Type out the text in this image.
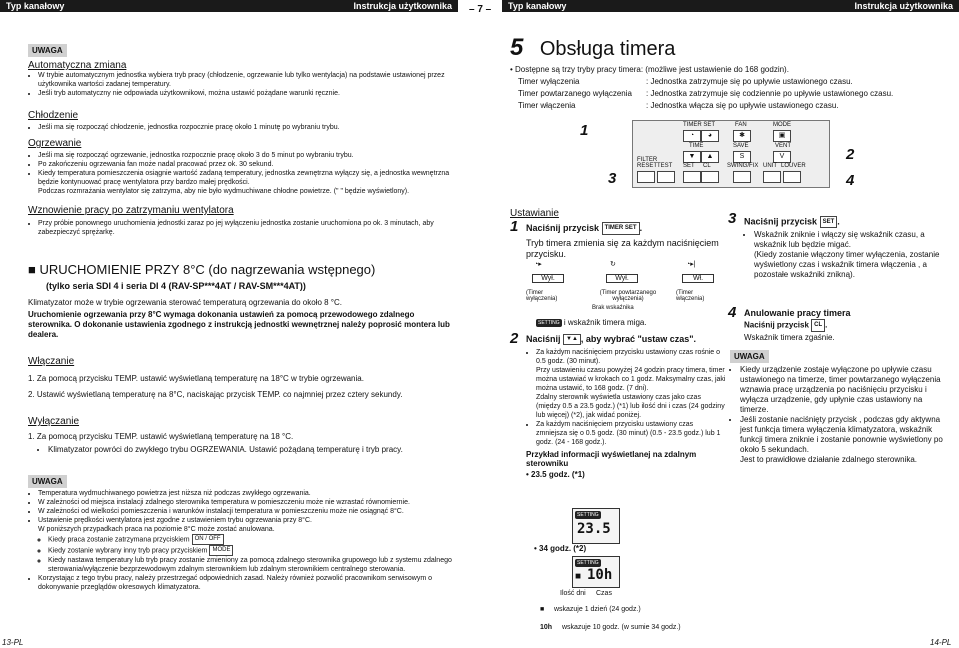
Typ kanałowy	Instrukcja użytkownika – 7 –	Typ kanałowy	Instrukcja użytkownika
UWAGA
Automatyczna zmiana
• W trybie automatycznym jednostka wybiera tryb pracy (chłodzenie, ogrzewanie lub tylko wentylacja) na podstawie ustawionej przez użytkownika wartości zadanej temperatury.
• Jeśli tryb automatyczny nie odpowiada użytkownikowi, można ustawić pożądane warunki ręcznie.
Chłodzenie
• Jeśli ma się rozpocząć chłodzenie, jednostka rozpocznie pracę około 1 minutę po wybraniu trybu.
Ogrzewanie
• Jeśli ma się rozpocząć ogrzewanie, jednostka rozpocznie pracę około 3 do 5 minut po wybraniu trybu.
• Po zakończeniu ogrzewania fan może nadal pracować przez ok. 30 sekund.
• Kiedy temperatura pomieszczenia osiągnie wartość zadaną temperatury, jednostka zewnętrzna wyłączy się, a jednostka wewnętrzna będzie kontynuować pracę wentylatora przy bardzo małej prędkości.
Podczas rozmrażania wentylator się zatrzyma, aby nie było wydmuchiwane chłodne powietrze. (" " będzie wyświetlony).
Wznowienie pracy po zatrzymaniu wentylatora
• Przy próbie ponownego uruchomienia jednostki zaraz po jej wyłączeniu jednostka zostanie uruchomiona po ok. 3 minutach, aby zabezpieczyć sprężarkę.
■ URUCHOMIENIE PRZY 8°C (do nagrzewania wstępnego)
(tylko seria SDI 4 i seria DI 4 (RAV-SP***4AT / RAV-SM***4AT))
Klimatyzator może w trybie ogrzewania sterować temperaturą ogrzewania do około 8 °C.
Uruchomienie ogrzewania przy 8°C wymaga dokonania ustawień za pomocą przewodowego zdalnego sterownika. O dokonanie ustawienia zgodnego z instrukcją jednostki wewnętrznej należy poprosić montera lub dealera.
Włączanie
1. Za pomocą przycisku TEMP. ustawić wyświetlaną temperaturę na 18°C w trybie ogrzewania.
2. Ustawić wyświetlaną temperaturę na 8°C, naciskając przycisk TEMP. co najmniej przez cztery sekundy.
Wyłączanie
1. Za pomocą przycisku TEMP. ustawić wyświetlaną temperaturę na 18 °C.
• Klimatyzator powróci do zwykłego trybu OGRZEWANIA. Ustawić pożądaną temperaturę i tryb pracy.
UWAGA
• Temperatura wydmuchiwanego powietrza jest niższa niż podczas zwykłego ogrzewania.
• W zależności od miejsca instalacji zdalnego sterownika temperatura w pomieszczeniu może nie wzrastać równomiernie.
• W zależności od wielkości pomieszczenia i warunków instalacji temperatura w pomieszczeniu może nie osiągnąć 8°C.
• Ustawienie prędkości wentylatora jest zgodne z ustawieniem trybu ogrzewania przy 8°C.
W poniższych przypadkach praca na poziomie 8°C może zostać anulowana.
◦ Kiedy praca zostanie zatrzymana przyciskiem ON / OFF
◦ Kiedy zostanie wybrany inny tryb pracy przyciskiem MODE
◦ Kiedy nastawa temperatury lub tryb pracy zostanie zmieniony za pomocą zdalnego sterownika grupowego lub z systemu zdalnego sterowania/wyłączenie bezprzewodowym zdalnym sterownikiem lub zdalnym sterownikiem centralnego sterowania.
• Korzystając z tego trybu pracy, należy przestrzegać odpowiednich zasad. Należy również pozwolić pracownikom serwisowym o dokonywanie przeglądów okresowych klimatyzatora.
13-PL
5 Obsługa timera
• Dostępne są trzy tryby pracy timera: (możliwe jest ustawienie do 168 godzin).
Timer wyłączenia	: Jednostka zatrzymuje się po upływie ustawionego czasu.
Timer powtarzanego wyłączenia : Jednostka zatrzymuje się codziennie po upływie ustawionego czasu.
Timer włączenia	: Jednostka włącza się po upływie ustawionego czasu.
1
3
2
4
TIMER SET	FAN	MODE
◔	◕	✱	▣
TIME	SAVE	VENT
▼	▲	S	V
FILTER
RESET TEST SET CL	SWING/FIX UNIT LOUVER
Ustawianie
1 Naciśnij przycisk TIMER SET .
Tryb timera zmienia się za każdym naciśnięciem przycisku.
◔▸	↻	◔▸|
Wył.	Wył.	Wł.
(Timer
wyłączenia)
(Timer powtarzanego
wyłączenia)
(Timer
włączenia)
Brak wskaźnika
SETTING i wskaźnik timera miga.
2 Naciśnij ▼▲ , aby wybrać "ustaw czas".
• Za każdym naciśnięciem przycisku ustawiony czas rośnie o 0.5 godz. (30 minut).
Przy ustawieniu czasu powyżej 24 godzin pracy timera, timer można ustawiać w krokach co 1 godz. Maksymalny czas, jaki można ustawić, to 168 godz. (7 dni).
Zdalny sterownik wyświetla ustawiony czas jako czas (między 0.5 a 23.5 godz.) (*1) lub ilość dni i czas (24 godziny lub więcej) (*2), jak widać poniżej.
• Za każdym naciśnięciem przycisku ustawiony czas zmniejsza się o 0.5 godz. (30 minut) (0.5 - 23.5 godz.) lub 1 godz. (24 - 168 godz.).
Przykład informacji wyświetlanej na zdalnym sterowniku
• 23.5 godz. (*1)
SETTING
23.5
• 34 godz. (*2)
SETTING
■ 10h
Ilość dni Czas
■ wskazuje 1 dzień (24 godz.)
10h wskazuje 10 godz. (w sumie 34 godz.)
3 Naciśnij przycisk SET .
• Wskaźnik zniknie i włączy się wskaźnik czasu, a wskaźnik lub będzie migać.
(Kiedy zostanie włączony timer wyłączenia, zostanie wyświetlony czas i wskaźnik timera włączenia , a pozostałe wskaźniki znikną).
4 Anulowanie pracy timera
Naciśnij przycisk CL .
Wskaźnik timera zgaśnie.
UWAGA
• Kiedy urządzenie zostaje wyłączone po upływie czasu ustawionego na timerze, timer powtarzanego wyłączenia wznawia pracę urządzenia po naciśnięciu przycisku i wyłącza urządzenie, gdy upłynie czas ustawiony na timerze.
• Jeśli zostanie naciśnięty przycisk , podczas gdy aktywna jest funkcja timera wyłączenia klimatyzatora, wskaźnik funkcji timera zniknie i zostanie ponownie wyświetlony po około 5 sekundach.
Jest to prawidłowe działanie zdalnego sterownika.
14-PL
